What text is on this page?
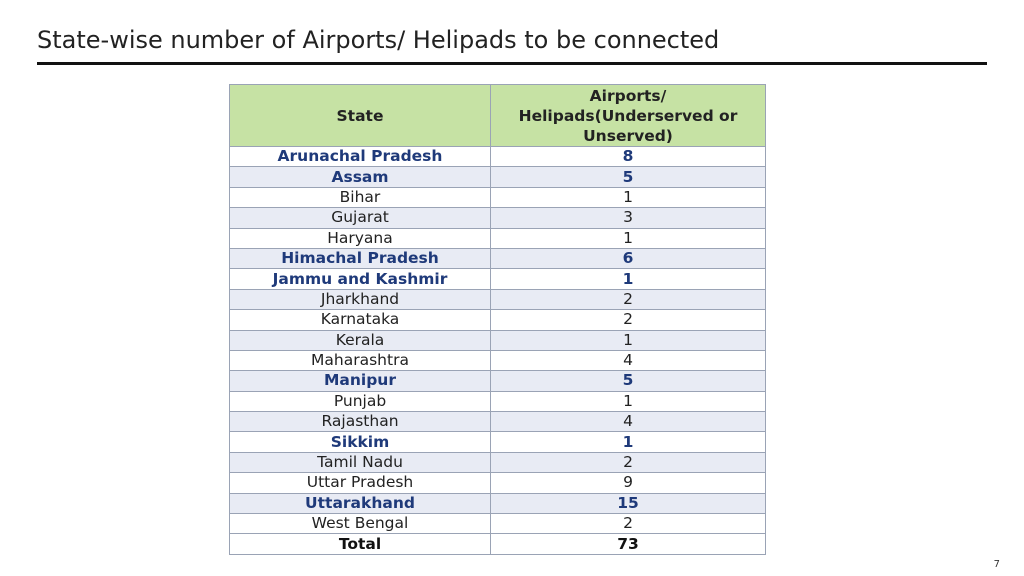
State-wise number of Airports/ Helipads to be connected
State	Airports/ Helipads(Underserved or Unserved)
Arunachal Pradesh	8
Assam	5
Bihar	1
Gujarat	3
Haryana	1
Himachal Pradesh	6
Jammu and Kashmir	1
Jharkhand	2
Karnataka	2
Kerala	1
Maharashtra	4
Manipur	5
Punjab	1
Rajasthan	4
Sikkim	1
Tamil Nadu	2
Uttar Pradesh	9
Uttarakhand	15
West Bengal	2
Total	73
7
